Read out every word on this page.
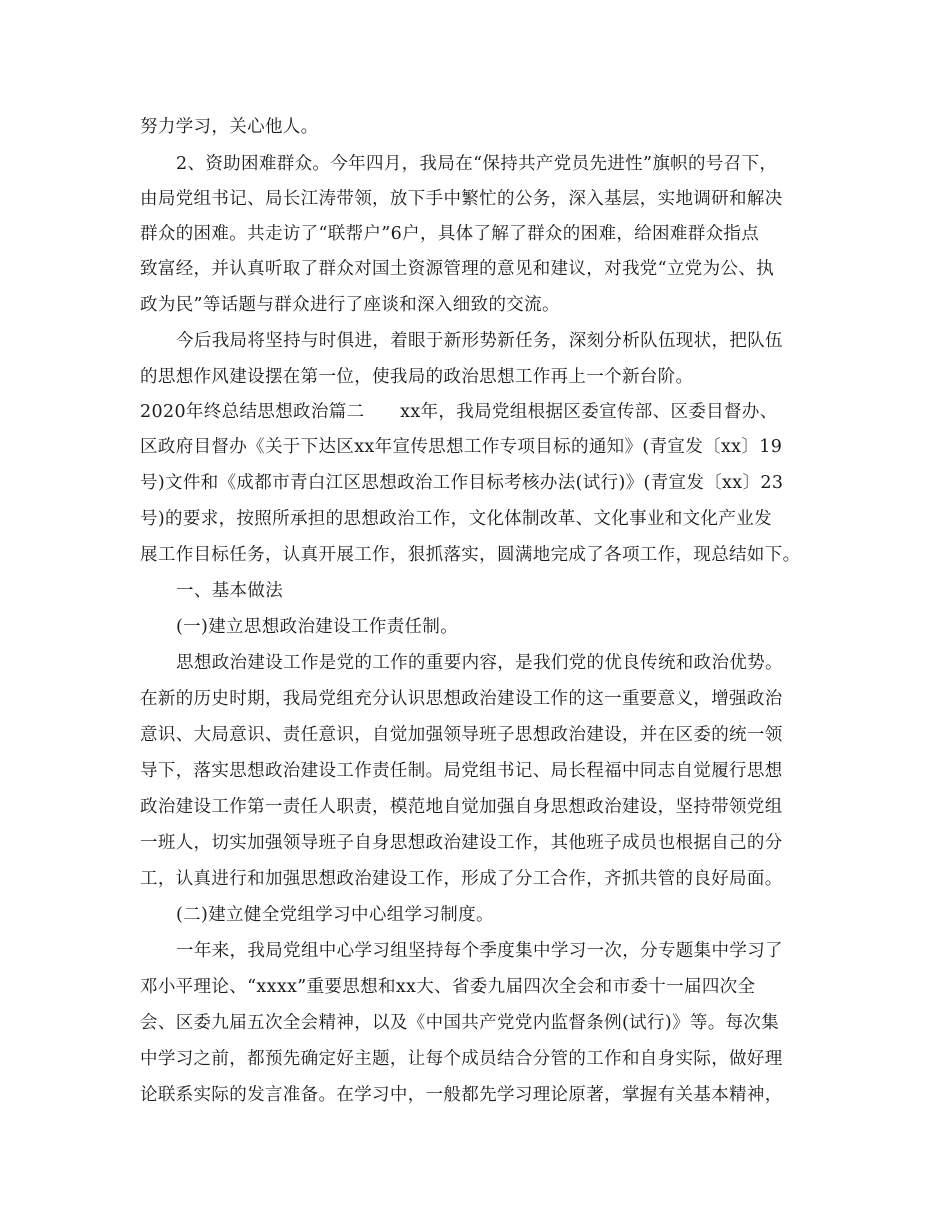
努力学习，关心他人。
2、资助困难群众。今年四月，我局在“保持共产党员先进性”旗帜的号召下，
由局党组书记、局长江涛带领，放下手中繁忙的公务，深入基层，实地调研和解决
群众的困难。共走访了“联帮户”6户，具体了解了群众的困难，给困难群众指点
致富经，并认真听取了群众对国土资源管理的意见和建议，对我党“立党为公、执
政为民”等话题与群众进行了座谈和深入细致的交流。
今后我局将坚持与时俱进，着眼于新形势新任务，深刻分析队伍现状，把队伍
的思想作风建设摆在第一位，使我局的政治思想工作再上一个新台阶。
2020年终总结思想政治篇二　　xx年，我局党组根据区委宣传部、区委目督办、
区政府目督办《关于下达区xx年宣传思想工作专项目标的通知》(青宣发〔xx〕19
号)文件和《成都市青白江区思想政治工作目标考核办法(试行)》(青宣发〔xx〕23
号)的要求，按照所承担的思想政治工作，文化体制改革、文化事业和文化产业发
展工作目标任务，认真开展工作，狠抓落实，圆满地完成了各项工作，现总结如下。
一、基本做法
(一)建立思想政治建设工作责任制。
思想政治建设工作是党的工作的重要内容，是我们党的优良传统和政治优势。
在新的历史时期，我局党组充分认识思想政治建设工作的这一重要意义，增强政治
意识、大局意识、责任意识，自觉加强领导班子思想政治建设，并在区委的统一领
导下，落实思想政治建设工作责任制。局党组书记、局长程福中同志自觉履行思想
政治建设工作第一责任人职责，模范地自觉加强自身思想政治建设，坚持带领党组
一班人，切实加强领导班子自身思想政治建设工作，其他班子成员也根据自己的分
工，认真进行和加强思想政治建设工作，形成了分工合作，齐抓共管的良好局面。
(二)建立健全党组学习中心组学习制度。
一年来，我局党组中心学习组坚持每个季度集中学习一次，分专题集中学习了
邓小平理论、“xxxx”重要思想和xx大、省委九届四次全会和市委十一届四次全
会、区委九届五次全会精神，以及《中国共产党党内监督条例(试行)》等。每次集
中学习之前，都预先确定好主题，让每个成员结合分管的工作和自身实际，做好理
论联系实际的发言准备。在学习中，一般都先学习理论原著，掌握有关基本精神，
